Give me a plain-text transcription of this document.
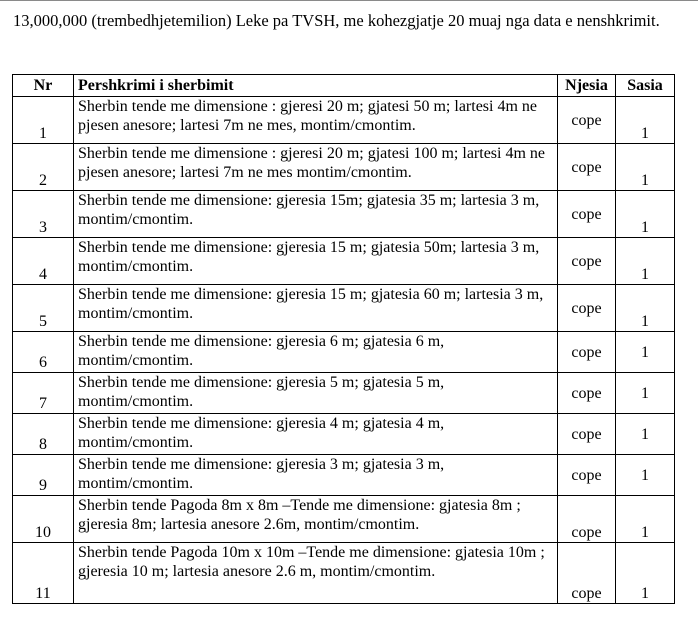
13,000,000 (trembedhjetemilion) Leke pa TVSH, me kohezgjatje 20 muaj nga data e nenshkrimit.

Nr	Pershkrimi i sherbimit	Njesia	Sasia
1	Sherbin tende me dimensione : gjeresi 20 m; gjatesi 50 m; lartesi 4m ne pjesen anesore; lartesi 7m ne mes, montim/cmontim.	cope	1
2	Sherbin tende me dimensione : gjeresi 20 m; gjatesi 100 m; lartesi 4m ne pjesen anesore; lartesi 7m ne mes montim/cmontim.	cope	1
3	Sherbin tende me dimensione: gjeresia 15m; gjatesia 35 m; lartesia 3 m, montim/cmontim.	cope	1
4	Sherbin tende me dimensione: gjeresia 15 m; gjatesia 50m; lartesia 3 m, montim/cmontim.	cope	1
5	Sherbin tende me dimensione: gjeresia 15 m; gjatesia 60 m; lartesia 3 m, montim/cmontim.	cope	1
6	Sherbin tende me dimensione: gjeresia 6 m; gjatesia 6 m, montim/cmontim.	cope	1
7	Sherbin tende me dimensione: gjeresia 5 m; gjatesia 5 m, montim/cmontim.	cope	1
8	Sherbin tende me dimensione: gjeresia 4 m; gjatesia 4 m, montim/cmontim.	cope	1
9	Sherbin tende me dimensione: gjeresia 3 m; gjatesia 3 m, montim/cmontim.	cope	1
10	Sherbin tende Pagoda 8m x 8m –Tende me dimensione: gjatesia 8m ; gjeresia 8m; lartesia anesore 2.6m, montim/cmontim.	cope	1
11	Sherbin tende Pagoda 10m x 10m –Tende me dimensione: gjatesia 10m ; gjeresia 10 m; lartesia anesore 2.6 m, montim/cmontim.	cope	1
